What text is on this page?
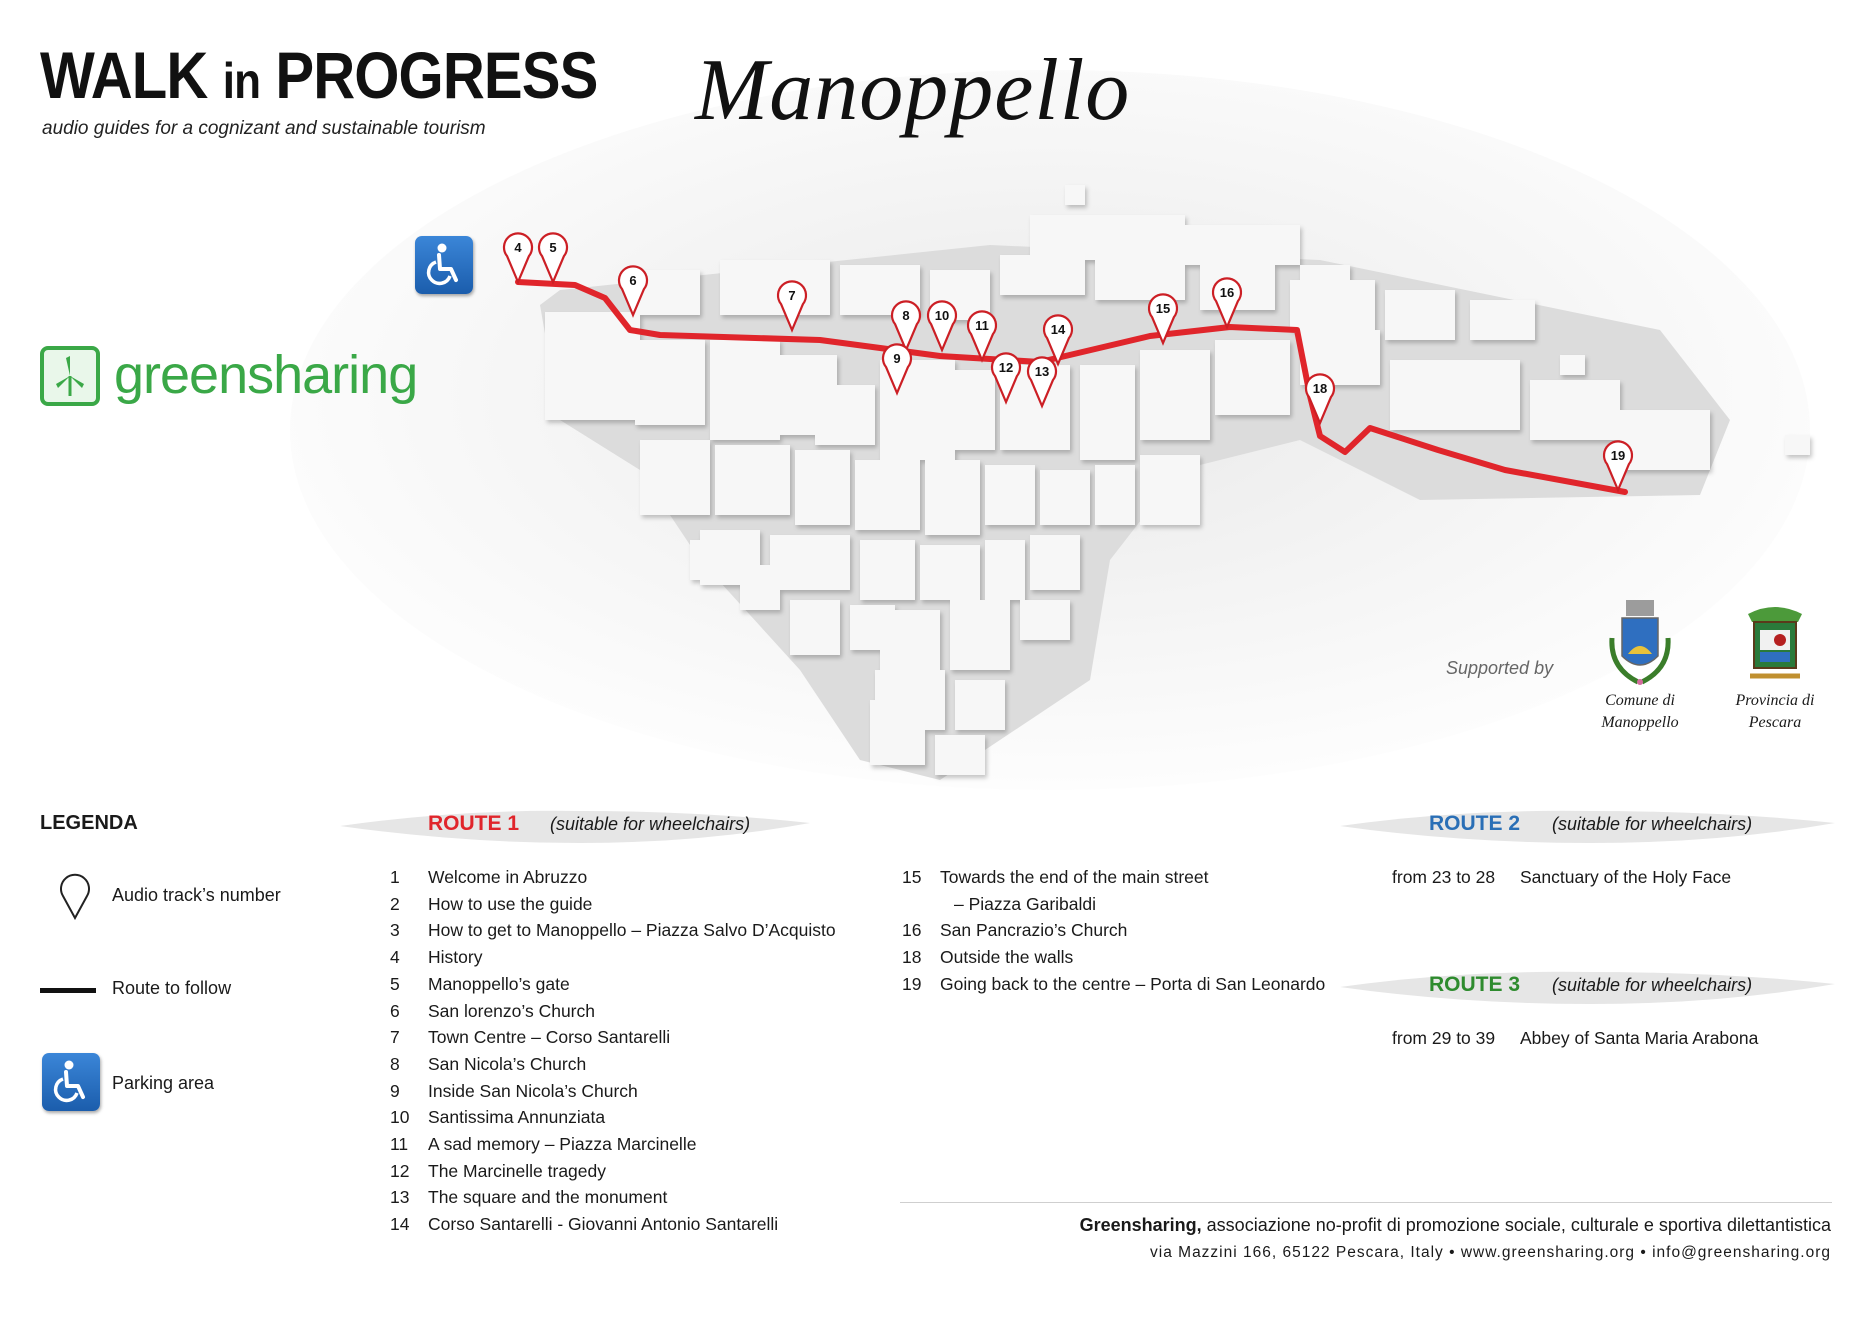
4 5
6
7
8
9
10
11
12 13
14
15
16
18
19
WALK in PROGRESS
audio guides for a cognizant and sustainable tourism Manoppello
greensharing
Supported by
Comune di
Manoppello
Provincia di
Pescara
LEGENDA
Audio track’s number
Route to follow
Parking area
ROUTE 1 (suitable for wheelchairs)
1	Welcome in Abruzzo
2	How to use the guide
3	How to get to Manoppello – Piazza Salvo D’Acquisto
4	History
5	Manoppello’s gate
6	San lorenzo’s Church
7	Town Centre – Corso Santarelli
8	San Nicola’s Church
9	Inside San Nicola’s Church
10	Santissima Annunziata
11	A sad memory – Piazza Marcinelle
12	The Marcinelle tragedy
13	The square and the monument
14	Corso Santarelli - Giovanni Antonio Santarelli
15	Towards the end of the main street
– Piazza Garibaldi
16	San Pancrazio’s Church
18	Outside the walls
19	Going back to the centre – Porta di San Leonardo
ROUTE 2 (suitable for wheelchairs)
from 23 to 28	Sanctuary of the Holy Face
ROUTE 3 (suitable for wheelchairs)
from 29 to 39	Abbey of Santa Maria Arabona
Greensharing, associazione no-profit di promozione sociale, culturale e sportiva dilettantistica
via Mazzini 166, 65122 Pescara, Italy • www.greensharing.org • info@greensharing.org
